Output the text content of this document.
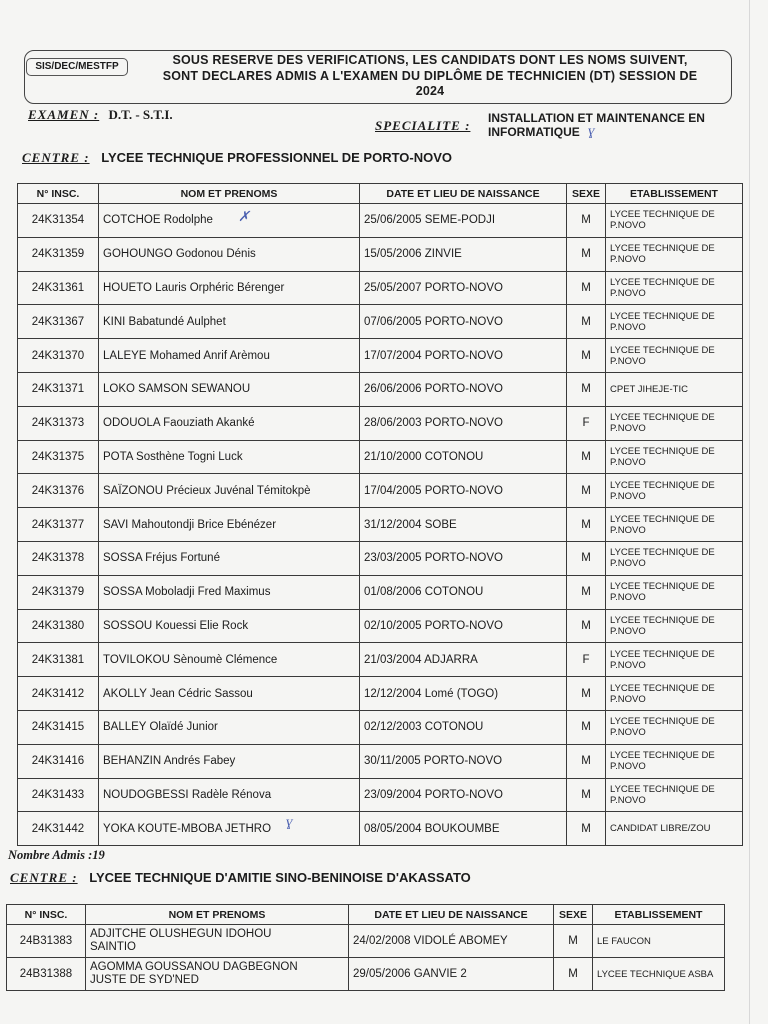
SIS/DEC/MESTFP	SOUS RESERVE DES VERIFICATIONS, LES CANDIDATS DONT LES NOMS SUIVENT,
SONT DECLARES ADMIS A L'EXAMEN DU DIPLÔME DE TECHNICIEN (DT) SESSION DE
2024
EXAMEN : D.T. - S.T.I.
SPECIALITE : INSTALLATION ET MAINTENANCE EN
INFORMATIQUE ɣ
CENTRE : LYCEE TECHNIQUE PROFESSIONNEL DE PORTO-NOVO
N° INSC.	NOM ET PRENOMS	DATE ET LIEU DE NAISSANCE	SEXE	ETABLISSEMENT
24K31354	COTCHOE Rodolphe	25/06/2005 SEME-PODJI	M	LYCEE TECHNIQUE DE
P.NOVO

24K31359	GOHOUNGO Godonou Dénis	15/05/2006 ZINVIE	M	LYCEE TECHNIQUE DE
P.NOVO

24K31361	HOUETO Lauris Orphéric Bérenger	25/05/2007 PORTO-NOVO	M	LYCEE TECHNIQUE DE
P.NOVO

24K31367	KINI Babatundé Aulphet	07/06/2005 PORTO-NOVO	M	LYCEE TECHNIQUE DE
P.NOVO

24K31370	LALEYE Mohamed Anrif Arèmou	17/07/2004 PORTO-NOVO	M	LYCEE TECHNIQUE DE
P.NOVO

24K31371	LOKO SAMSON SEWANOU	26/06/2006 PORTO-NOVO	M	CPET JIHEJE-TIC

24K31373	ODOUOLA Faouziath Akanké	28/06/2003 PORTO-NOVO	F	LYCEE TECHNIQUE DE
P.NOVO

24K31375	POTA Sosthène Togni Luck	21/10/2000 COTONOU	M	LYCEE TECHNIQUE DE
P.NOVO

24K31376	SAÏZONOU Précieux Juvénal Témitokpè	17/04/2005 PORTO-NOVO	M	LYCEE TECHNIQUE DE
P.NOVO

24K31377	SAVI Mahoutondji Brice Ebénézer	31/12/2004 SOBE	M	LYCEE TECHNIQUE DE
P.NOVO

24K31378	SOSSA Fréjus Fortuné	23/03/2005 PORTO-NOVO	M	LYCEE TECHNIQUE DE
P.NOVO

24K31379	SOSSA Moboladji Fred Maximus	01/08/2006 COTONOU	M	LYCEE TECHNIQUE DE
P.NOVO

24K31380	SOSSOU Kouessi Elie Rock	02/10/2005 PORTO-NOVO	M	LYCEE TECHNIQUE DE
P.NOVO

24K31381	TOVILOKOU Sènoumè Clémence	21/03/2004 ADJARRA	F	LYCEE TECHNIQUE DE
P.NOVO

24K31412	AKOLLY Jean Cédric Sassou	12/12/2004 Lomé (TOGO)	M	LYCEE TECHNIQUE DE
P.NOVO

24K31415	BALLEY Olaïdé Junior	02/12/2003 COTONOU	M	LYCEE TECHNIQUE DE
P.NOVO

24K31416	BEHANZIN Andrés Fabey	30/11/2005 PORTO-NOVO	M	LYCEE TECHNIQUE DE
P.NOVO

24K31433	NOUDOGBESSI Radèle Rénova	23/09/2004 PORTO-NOVO	M	LYCEE TECHNIQUE DE
P.NOVO

24K31442	YOKA KOUTE-MBOBA JETHRO	08/05/2004 BOUKOUMBE	M	CANDIDAT LIBRE/ZOU
Nombre Admis :19
CENTRE : LYCEE TECHNIQUE D'AMITIE SINO-BENINOISE D'AKASSATO
N° INSC.	NOM ET PRENOMS	DATE ET LIEU DE NAISSANCE	SEXE	ETABLISSEMENT
24B31383	ADJITCHE OLUSHEGUN IDOHOU
SAINTIO	24/02/2008 VIDOLÉ ABOMEY	M	LE FAUCON

24B31388	AGOMMA GOUSSANOU DAGBEGNON
JUSTE DE SYD'NED	29/05/2006 GANVIE 2	M	LYCEE TECHNIQUE ASBA
✗
ɣ
